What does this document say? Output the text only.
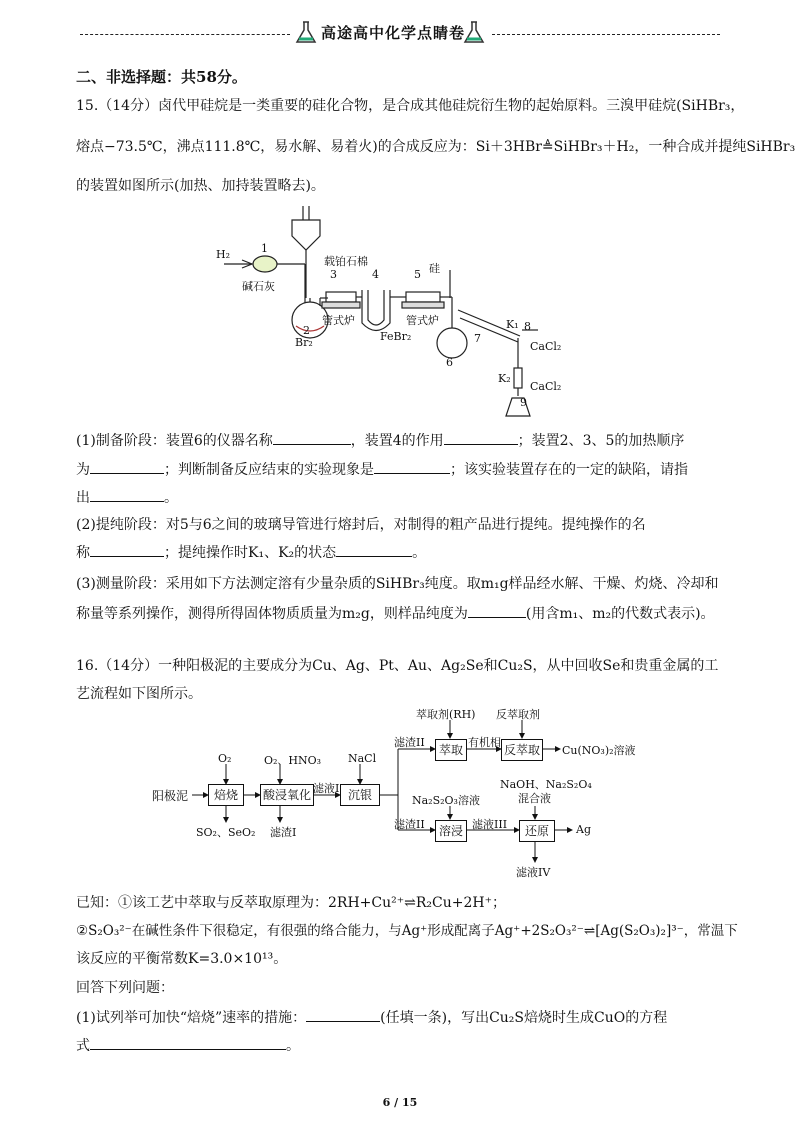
高途高中化学点睛卷
二、非选择题：共58分。
15.（14分）卤代甲硅烷是一类重要的硅化合物，是合成其他硅烷衍生物的起始原料。三溴甲硅烷(SiHBr₃，
熔点−73.5℃，沸点111.8℃，易水解、易着火)的合成反应为：Si＋3HBr≜SiHBr₃＋H₂，一种合成并提纯SiHBr₃
的装置如图所示(加热、加持装置略去)。
H₂	1
碱石灰
2
Br₂
载铂石棉
3	4
管式炉
FeBr₂
5 硅
管式炉
6
7
K₁ 8
CaCl₂
K₂
9
CaCl₂
(1)制备阶段：装置6的仪器名称	，装置4的作用	；装置2、3、5的加热顺序
为	；判断制备反应结束的实验现象是	；该实验装置存在的一定的缺陷，请指
出	。
(2)提纯阶段：对5与6之间的玻璃导管进行熔封后，对制得的粗产品进行提纯。提纯操作的名
称	；提纯操作时K₁、K₂的状态	。
(3)测量阶段：采用如下方法测定溶有少量杂质的SiHBr₃纯度。取m₁g样品经水解、干燥、灼烧、冷却和
称量等系列操作，测得所得固体物质质量为m₂g，则样品纯度为	(用含m₁、m₂的代数式表示)。
16.（14分）一种阳极泥的主要成分为Cu、Ag、Pt、Au、Ag₂Se和Cu₂S，从中回收Se和贵重金属的工
艺流程如下图所示。
阳极泥	焙烧
O₂
SO₂、SeO₂
酸浸氧化
O₂、HNO₃
滤渣I
滤液I
NaCl
沉银
滤渣II
萃取
萃取剂(RH)
有机相
反萃取
反萃取剂
Cu(NO₃)₂溶液
滤渣II	溶浸
Na₂S₂O₃溶液
滤液III	还原
NaOH、Na₂S₂O₄
混合液
Ag
滤液IV
已知：①该工艺中萃取与反萃取原理为：2RH+Cu²⁺⇌R₂Cu+2H⁺；
②S₂O₃²⁻在碱性条件下很稳定，有很强的络合能力，与Ag⁺形成配离子Ag⁺+2S₂O₃²⁻⇌[Ag(S₂O₃)₂]³⁻，常温下
该反应的平衡常数K=3.0×10¹³。
回答下列问题：
(1)试列举可加快“焙烧”速率的措施：	(任填一条)，写出Cu₂S焙烧时生成CuO的方程
式	。
6 / 15
